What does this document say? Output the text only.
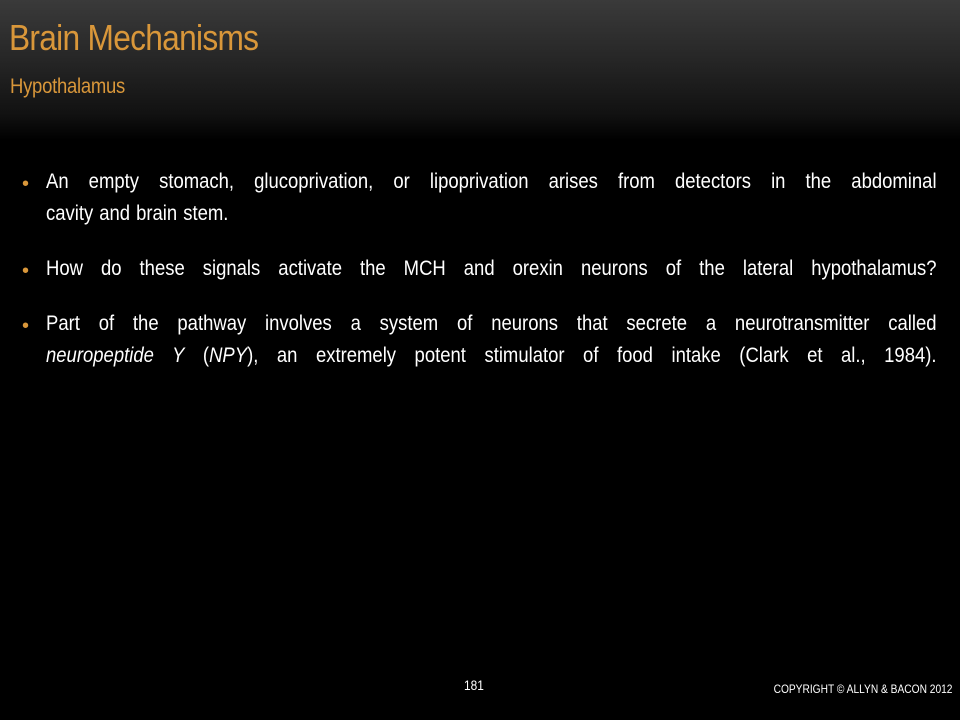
Brain Mechanisms
Hypothalamus
• An empty stomach, glucoprivation, or lipoprivation arises from detectors in the abdominal
cavity and brain stem.
• How do these signals activate the MCH and orexin neurons of the lateral hypothalamus?
• Part of the pathway involves a system of neurons that secrete a neurotransmitter called
neuropeptide Y (NPY), an extremely potent stimulator of food intake (Clark et al., 1984).
181	COPYRIGHT © ALLYN & BACON 2012
